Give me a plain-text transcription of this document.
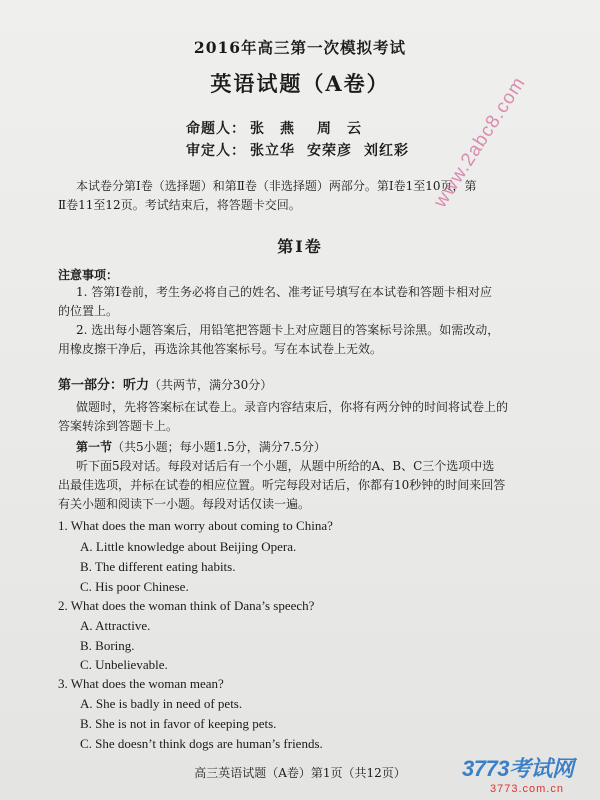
2016年高三第一次模拟考试
英语试题（A卷）
命题人： 张　燕 周　云
审定人： 张立华 安荣彦 刘红彩
本试卷分第Ⅰ卷（选择题）和第Ⅱ卷（非选择题）两部分。第Ⅰ卷1至10页，第
Ⅱ卷11至12页。考试结束后，将答题卡交回。
第Ⅰ卷
注意事项：
1. 答第Ⅰ卷前，考生务必将自己的姓名、准考证号填写在本试卷和答题卡相对应
的位置上。
2. 选出每小题答案后，用铅笔把答题卡上对应题目的答案标号涂黑。如需改动，
用橡皮擦干净后，再选涂其他答案标号。写在本试卷上无效。
第一部分：听力（共两节，满分30分）
做题时，先将答案标在试卷上。录音内容结束后，你将有两分钟的时间将试卷上的
答案转涂到答题卡上。
第一节（共5小题；每小题1.5分，满分7.5分）
听下面5段对话。每段对话后有一个小题，从题中所给的A、B、C三个选项中选
出最佳选项，并标在试卷的相应位置。听完每段对话后，你都有10秒钟的时间来回答
有关小题和阅读下一小题。每段对话仅读一遍。
1. What does the man worry about coming to China?
A. Little knowledge about Beijing Opera.
B. The different eating habits.
C. His poor Chinese.
2. What does the woman think of Dana’s speech?
A. Attractive.
B. Boring.
C. Unbelievable.
3. What does the woman mean?
A. She is badly in need of pets.
B. She is not in favor of keeping pets.
C. She doesn’t think dogs are human’s friends.
高三英语试题（A卷）第1页（共12页）
www.2abc8.com
3773考试网
3773.com.cn
